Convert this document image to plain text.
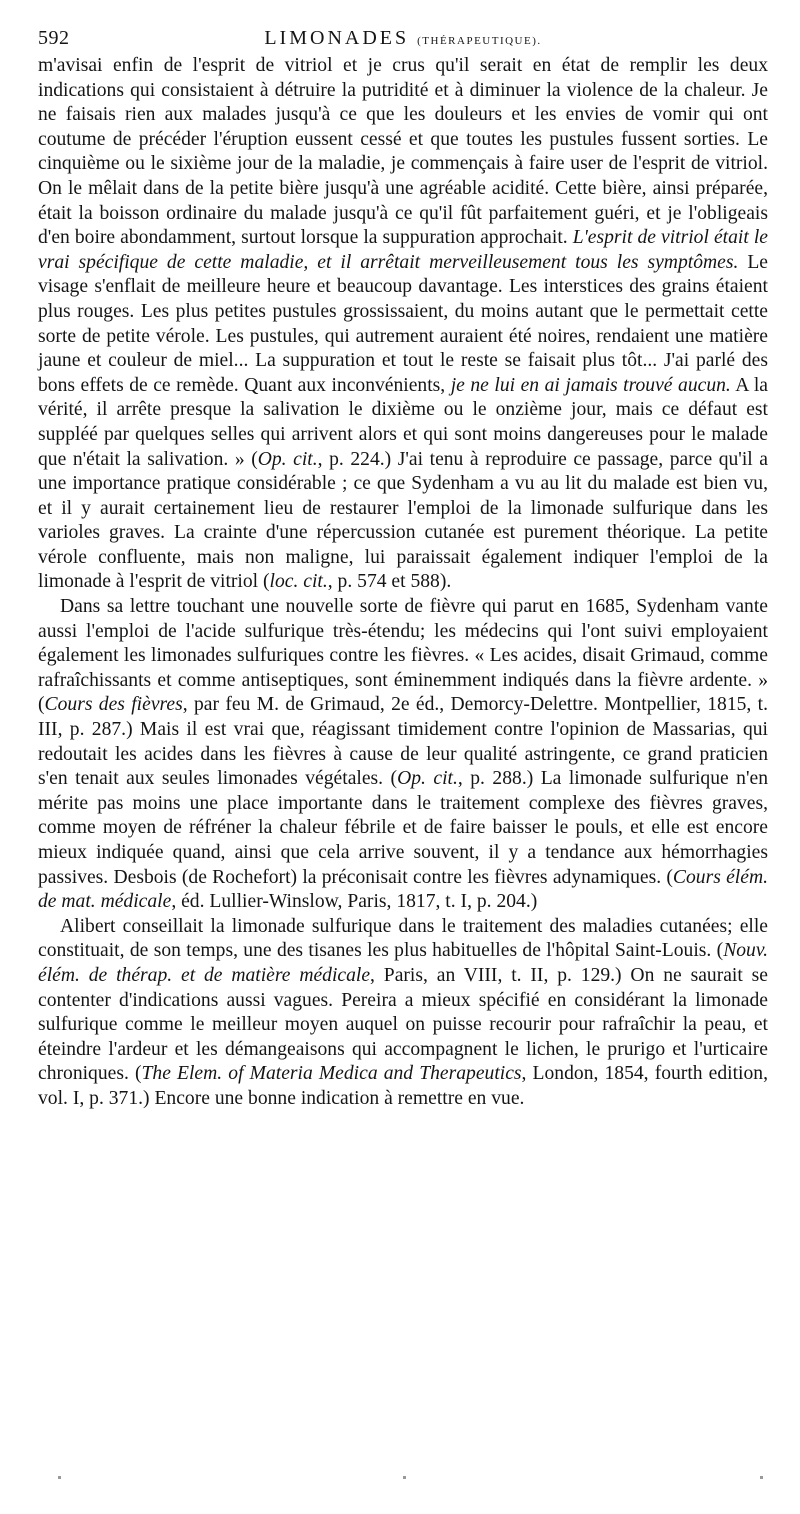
592	LIMONADES (THÉRAPEUTIQUE).

m'avisai enfin de l'esprit de vitriol et je crus qu'il serait en état de remplir les deux indications qui consistaient à détruire la putridité et à diminuer la violence de la chaleur. Je ne faisais rien aux malades jusqu'à ce que les douleurs et les envies de vomir qui ont coutume de précéder l'éruption eussent cessé et que toutes les pustules fussent sorties. Le cinquième ou le sixième jour de la maladie, je commençais à faire user de l'esprit de vitriol. On le mêlait dans de la petite bière jusqu'à une agréable acidité. Cette bière, ainsi préparée, était la boisson ordinaire du malade jusqu'à ce qu'il fût parfaitement guéri, et je l'obligeais d'en boire abondamment, surtout lorsque la suppuration approchait. L'esprit de vitriol était le vrai spécifique de cette maladie, et il arrêtait merveilleusement tous les symptômes. Le visage s'enflait de meilleure heure et beaucoup davantage. Les interstices des grains étaient plus rouges. Les plus petites pustules grossissaient, du moins autant que le permettait cette sorte de petite vérole. Les pustules, qui autrement auraient été noires, rendaient une matière jaune et couleur de miel... La suppuration et tout le reste se faisait plus tôt... J'ai parlé des bons effets de ce remède. Quant aux inconvénients, je ne lui en ai jamais trouvé aucun. A la vérité, il arrête presque la salivation le dixième ou le onzième jour, mais ce défaut est suppléé par quelques selles qui arrivent alors et qui sont moins dangereuses pour le malade que n'était la salivation. » (Op. cit., p. 224.) J'ai tenu à reproduire ce passage, parce qu'il a une importance pratique considérable ; ce que Sydenham a vu au lit du malade est bien vu, et il y aurait certainement lieu de restaurer l'emploi de la limonade sulfurique dans les varioles graves. La crainte d'une répercussion cutanée est purement théorique. La petite vérole confluente, mais non maligne, lui paraissait également indiquer l'emploi de la limonade à l'esprit de vitriol (loc. cit., p. 574 et 588).

Dans sa lettre touchant une nouvelle sorte de fièvre qui parut en 1685, Sydenham vante aussi l'emploi de l'acide sulfurique très-étendu; les médecins qui l'ont suivi employaient également les limonades sulfuriques contre les fièvres. « Les acides, disait Grimaud, comme rafraîchissants et comme antiseptiques, sont éminemment indiqués dans la fièvre ardente. » (Cours des fièvres, par feu M. de Grimaud, 2e éd., Demorcy-Delettre. Montpellier, 1815, t. III, p. 287.) Mais il est vrai que, réagissant timidement contre l'opinion de Massarias, qui redoutait les acides dans les fièvres à cause de leur qualité astringente, ce grand praticien s'en tenait aux seules limonades végétales. (Op. cit., p. 288.) La limonade sulfurique n'en mérite pas moins une place importante dans le traitement complexe des fièvres graves, comme moyen de réfréner la chaleur fébrile et de faire baisser le pouls, et elle est encore mieux indiquée quand, ainsi que cela arrive souvent, il y a tendance aux hémorrhagies passives. Desbois (de Rochefort) la préconisait contre les fièvres adynamiques. (Cours élém. de mat. médicale, éd. Lullier-Winslow, Paris, 1817, t. I, p. 204.)

Alibert conseillait la limonade sulfurique dans le traitement des maladies cutanées; elle constituait, de son temps, une des tisanes les plus habituelles de l'hôpital Saint-Louis. (Nouv. élém. de thérap. et de matière médicale, Paris, an VIII, t. II, p. 129.) On ne saurait se contenter d'indications aussi vagues. Pereira a mieux spécifié en considérant la limonade sulfurique comme le meilleur moyen auquel on puisse recourir pour rafraîchir la peau, et éteindre l'ardeur et les démangeaisons qui accompagnent le lichen, le prurigo et l'urticaire chroniques. (The Elem. of Materia Medica and Therapeutics, London, 1854, fourth edition, vol. I, p. 371.) Encore une bonne indication à remettre en vue.
